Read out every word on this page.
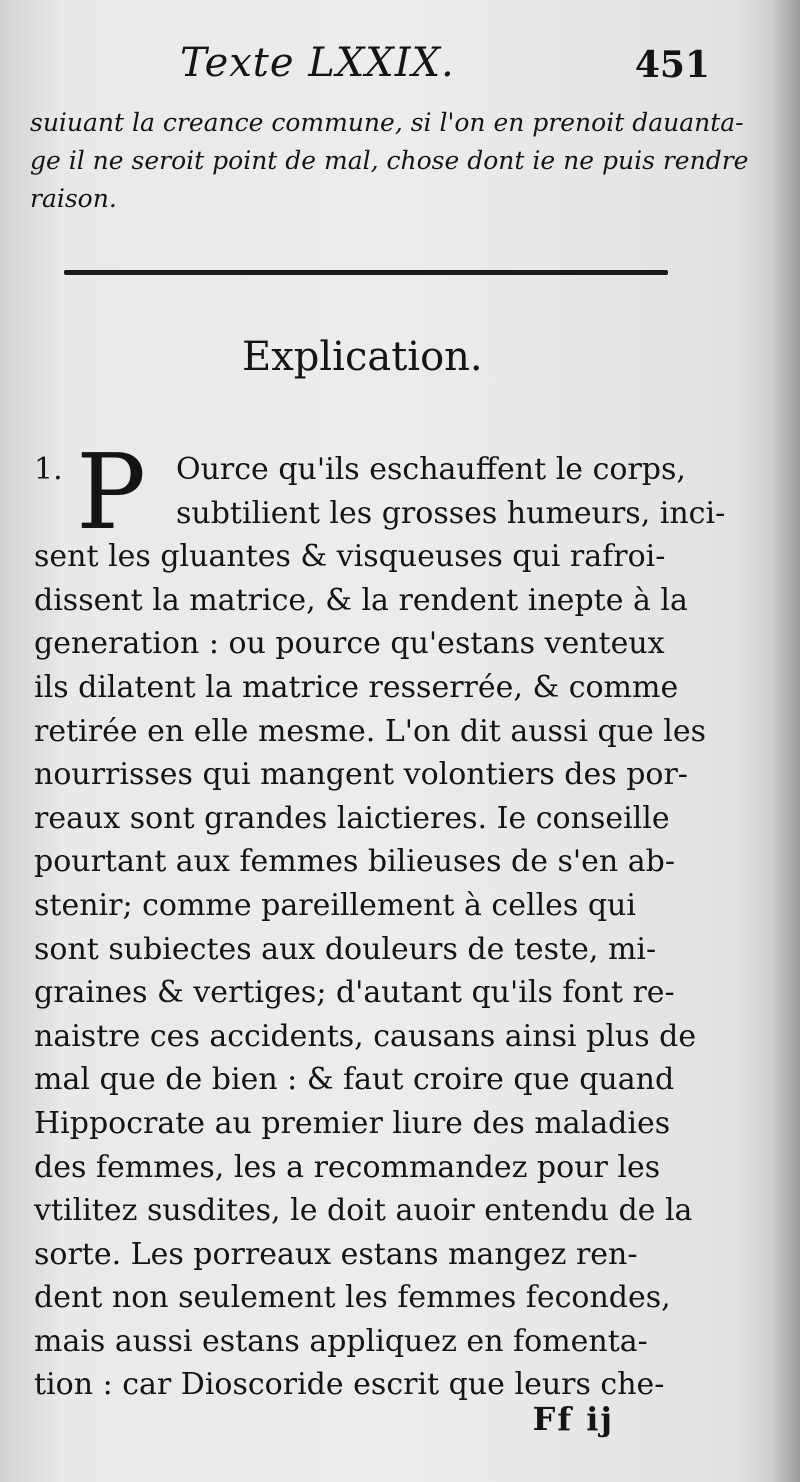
Texte LXXIX.	451
suiuant la creance commune, si l'on en prenoit dauanta-
ge il ne seroit point de mal, chose dont ie ne puis rendre
raison.
Explication.
P
1.	Ource qu'ils eschauffent le corps,
subtilient les grosses humeurs, inci-
sent les gluantes & visqueuses qui rafroi-
dissent la matrice, & la rendent inepte à la
generation : ou pource qu'estans venteux
ils dilatent la matrice resserrée, & comme
retirée en elle mesme. L'on dit aussi que les
nourrisses qui mangent volontiers des por-
reaux sont grandes laictieres. Ie conseille
pourtant aux femmes bilieuses de s'en ab-
stenir; comme pareillement à celles qui
sont subiectes aux douleurs de teste, mi-
graines & vertiges; d'autant qu'ils font re-
naistre ces accidents, causans ainsi plus de
mal que de bien : & faut croire que quand
Hippocrate au premier liure des maladies
des femmes, les a recommandez pour les
vtilitez susdites, le doit auoir entendu de la
sorte. Les porreaux estans mangez ren-
dent non seulement les femmes fecondes,
mais aussi estans appliquez en fomenta-
tion : car Dioscoride escrit que leurs che-
Ff ij
